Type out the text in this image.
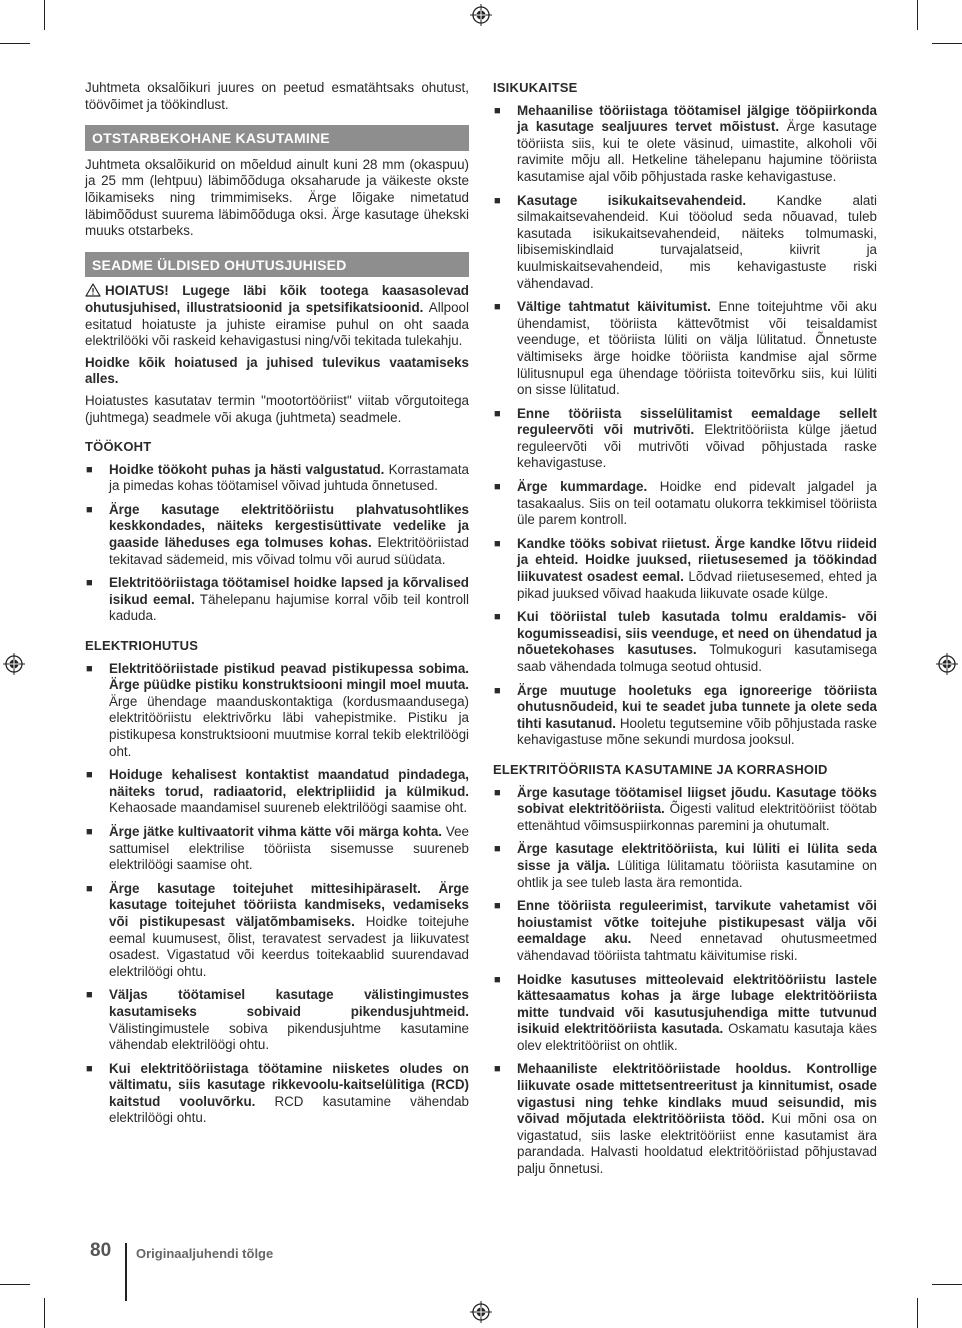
Juhtmeta oksalõikuri juures on peetud esmatähtsaks ohutust, töövõimet ja töökindlust.

OTSTARBEKOHANE KASUTAMINE

Juhtmeta oksalõikurid on mõeldud ainult kuni 28 mm (okaspuu) ja 25 mm (lehtpuu) läbimõõduga oksaharude ja väikeste okste lõikamiseks ning trimmimiseks. Ärge lõigake nimetatud läbimõõdust suurema läbimõõduga oksi. Ärge kasutage ühekski muuks otstarbeks.

SEADME ÜLDISED OHUTUSJUHISED

HOIATUS! Lugege läbi kõik tootega kaasasolevad ohutusjuhised, illustratsioonid ja spetsifikatsioonid. Allpool esitatud hoiatuste ja juhiste eiramise puhul on oht saada elektrilööki või raskeid kehavigastusi ning/või tekitada tulekahju.

Hoidke kõik hoiatused ja juhised tulevikus vaatamiseks alles.

Hoiatustes kasutatav termin "mootortööriist" viitab võrgutoitega (juhtmega) seadmele või akuga (juhtmeta) seadmele.

TÖÖKOHT
■ Hoidke töökoht puhas ja hästi valgustatud. Korrastamata ja pimedas kohas töötamisel võivad juhtuda õnnetused.
■ Ärge kasutage elektritööriistu plahvatusohtlikes keskkondades, näiteks kergestisüttivate vedelike ja gaaside läheduses ega tolmuses kohas. Elektritööriistad tekitavad sädemeid, mis võivad tolmu või aurud süüdata.
■ Elektritööriistaga töötamisel hoidke lapsed ja kõrvalised isikud eemal. Tähelepanu hajumise korral võib teil kontroll kaduda.
ELEKTRIOHUTUS
■ Elektritööriistade pistikud peavad pistikupessa sobima. Ärge püüdke pistiku konstruktsiooni mingil moel muuta. Ärge ühendage maanduskontaktiga (kordusmaandusega) elektritööriistu elektrivõrku läbi vahepistmike. Pistiku ja pistikupesa konstruktsiooni muutmise korral tekib elektrilöögi oht.
■ Hoiduge kehalisest kontaktist maandatud pindadega, näiteks torud, radiaatorid, elektripliidid ja külmikud. Kehaosade maandamisel suureneb elektrilöögi saamise oht.
■ Ärge jätke kultivaatorit vihma kätte või märga kohta. Vee sattumisel elektrilise tööriista sisemusse suureneb elektrilöögi saamise oht.
■ Ärge kasutage toitejuhet mittesihipäraselt. Ärge kasutage toitejuhet tööriista kandmiseks, vedamiseks või pistikupesast väljatõmbamiseks. Hoidke toitejuhe eemal kuumusest, õlist, teravatest servadest ja liikuvatest osadest. Vigastatud või keerdus toitekaablid suurendavad elektrilöögi ohtu.
■ Väljas töötamisel kasutage välistingimustes kasutamiseks sobivaid pikendusjuhtmeid. Välistingimustele sobiva pikendusjuhtme kasutamine vähendab elektrilöögi ohtu.
■ Kui elektritööriistaga töötamine niisketes oludes on vältimatu, siis kasutage rikkevoolu-kaitselülitiga (RCD) kaitstud vooluvõrku. RCD kasutamine vähendab elektrilöögi ohtu.
ISIKUKAITSE
■ Mehaanilise tööriistaga töötamisel jälgige tööpiirkonda ja kasutage sealjuures tervet mõistust. Ärge kasutage tööriista siis, kui te olete väsinud, uimastite, alkoholi või ravimite mõju all. Hetkeline tähelepanu hajumine tööriista kasutamise ajal võib põhjustada raske kehavigastuse.
■ Kasutage isikukaitsevahendeid. Kandke alati silmakaitsevahendeid. Kui tööolud seda nõuavad, tuleb kasutada isikukaitsevahendeid, näiteks tolmumaski, libisemiskindlaid turvajalatseid, kiivrit ja kuulmiskaitsevahendeid, mis kehavigastuste riski vähendavad.
■ Vältige tahtmatut käivitumist. Enne toitejuhtme või aku ühendamist, tööriista kättevõtmist või teisaldamist veenduge, et tööriista lüliti on välja lülitatud. Õnnetuste vältimiseks ärge hoidke tööriista kandmise ajal sõrme lülitusnupul ega ühendage tööriista toitevõrku siis, kui lüliti on sisse lülitatud.
■ Enne tööriista sisselülitamist eemaldage sellelt reguleervõti või mutrivõti. Elektritööriista külge jäetud reguleervõti või mutrivõti võivad põhjustada raske kehavigastuse.
■ Ärge kummardage. Hoidke end pidevalt jalgadel ja tasakaalus. Siis on teil ootamatu olukorra tekkimisel tööriista üle parem kontroll.
■ Kandke tööks sobivat riietust. Ärge kandke lõtvu riideid ja ehteid. Hoidke juuksed, riietusesemed ja töökindad liikuvatest osadest eemal. Lõdvad riietusesemed, ehted ja pikad juuksed võivad haakuda liikuvate osade külge.
■ Kui tööriistal tuleb kasutada tolmu eraldamis- või kogumisseadisi, siis veenduge, et need on ühendatud ja nõuetekohases kasutuses. Tolmukoguri kasutamisega saab vähendada tolmuga seotud ohtusid.
■ Ärge muutuge hooletuks ega ignoreerige tööriista ohutusnõudeid, kui te seadet juba tunnete ja olete seda tihti kasutanud. Hooletu tegutsemine võib põhjustada raske kehavigastuse mõne sekundi murdosa jooksul.
ELEKTRITÖÖRIISTA KASUTAMINE JA KORRASHOID
■ Ärge kasutage töötamisel liigset jõudu. Kasutage tööks sobivat elektritööriista. Õigesti valitud elektritööriist töötab ettenähtud võimsuspiirkonnas paremini ja ohutumalt.
■ Ärge kasutage elektritööriista, kui lüliti ei lülita seda sisse ja välja. Lülitiga lülitamatu tööriista kasutamine on ohtlik ja see tuleb lasta ära remontida.
■ Enne tööriista reguleerimist, tarvikute vahetamist või hoiustamist võtke toitejuhe pistikupesast välja või eemaldage aku. Need ennetavad ohutusmeetmed vähendavad tööriista tahtmatu käivitumise riski.
■ Hoidke kasutuses mitteolevaid elektritööriistu lastele kättesaamatus kohas ja ärge lubage elektritööriista mitte tundvaid või kasutusjuhendiga mitte tutvunud isikuid elektritööriista kasutada. Oskamatu kasutaja käes olev elektritööriist on ohtlik.
■ Mehaaniliste elektritööriistade hooldus. Kontrollige liikuvate osade mittetsentreeritust ja kinnitumist, osade vigastusi ning tehke kindlaks muud seisundid, mis võivad mõjutada elektritööriista tööd. Kui mõni osa on vigastatud, siis laske elektritööriist enne kasutamist ära parandada. Halvasti hooldatud elektritööriistad põhjustavad palju õnnetusi.
80 Originaaljuhendi tõlge
